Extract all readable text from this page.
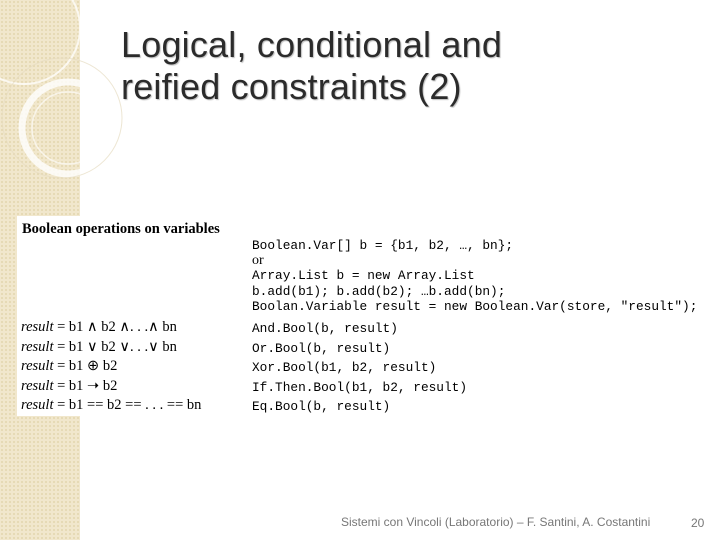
Logical, conditional and
reified constraints (2)
Boolean operations on variables
Boolean.Var[] b = {b1, b2, …, bn};
or
Array.List b = new Array.List
b.add(b1); b.add(b2); …b.add(bn);
Boolan.Variable result = new Boolean.Var(store, "result");
result = b1 ∧ b2 ∧. . .∧ bn
result = b1 ∨ b2 ∨. . .∨ bn
result = b1 ⊕ b2
result = b1 ➝ b2
result = b1 == b2 == . . . == bn
And.Bool(b, result)
Or.Bool(b, result)
Xor.Bool(b1, b2, result)
If.Then.Bool(b1, b2, result)
Eq.Bool(b, result)
Sistemi con Vincoli (Laboratorio) – F. Santini, A. Costantini	20
